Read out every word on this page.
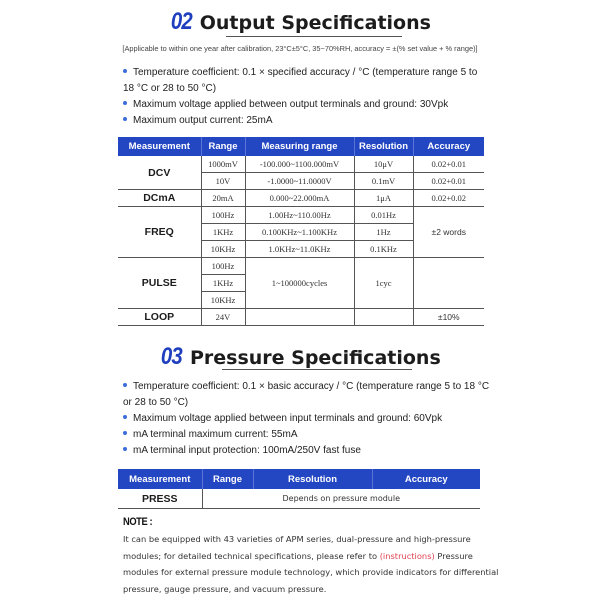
02 Output Specifications
[Applicable to within one year after calibration, 23°C±5°C, 35~70%RH, accuracy = ±(% set value + % range)]
Temperature coefficient: 0.1 × specified accuracy / °C (temperature range 5 to
18 °C or 28 to 50 °C)
Maximum voltage applied between output terminals and ground: 30Vpk
Maximum output current: 25mA
Measurement	Range	Measuring range	Resolution	Accuracy
DCV	1000mV	-100.000~1100.000mV	10μV	0.02+0.01
	10V	-1.0000~11.0000V	0.1mV	0.02+0.01
DCmA	20mA	0.000~22.000mA	1μA	0.02+0.02
FREQ	100Hz	1.00Hz~110.00Hz	0.01Hz	±2 words
	1KHz	0.100KHz~1.100KHz	1Hz	
	10KHz	1.0KHz~11.0KHz	0.1KHz	
PULSE	100Hz	1~100000cycles	1cyc	
	1KHz			
	10KHz			
LOOP	24V			±10%
03 Pressure Specifications
Temperature coefficient: 0.1 × basic accuracy / °C (temperature range 5 to 18 °C
or 28 to 50 °C)
Maximum voltage applied between input terminals and ground: 60Vpk
mA terminal maximum current: 55mA
mA terminal input protection: 100mA/250V fast fuse
Measurement	Range	Resolution	Accuracy
PRESS	Depends on pressure module		
NOTE :
It can be equipped with 43 varieties of APM series, dual-pressure and high-pressure modules; for detailed technical specifications, please refer to (instructions) Pressure modules for external pressure module technology, which provide indicators for differential pressure, gauge pressure, and vacuum pressure.
